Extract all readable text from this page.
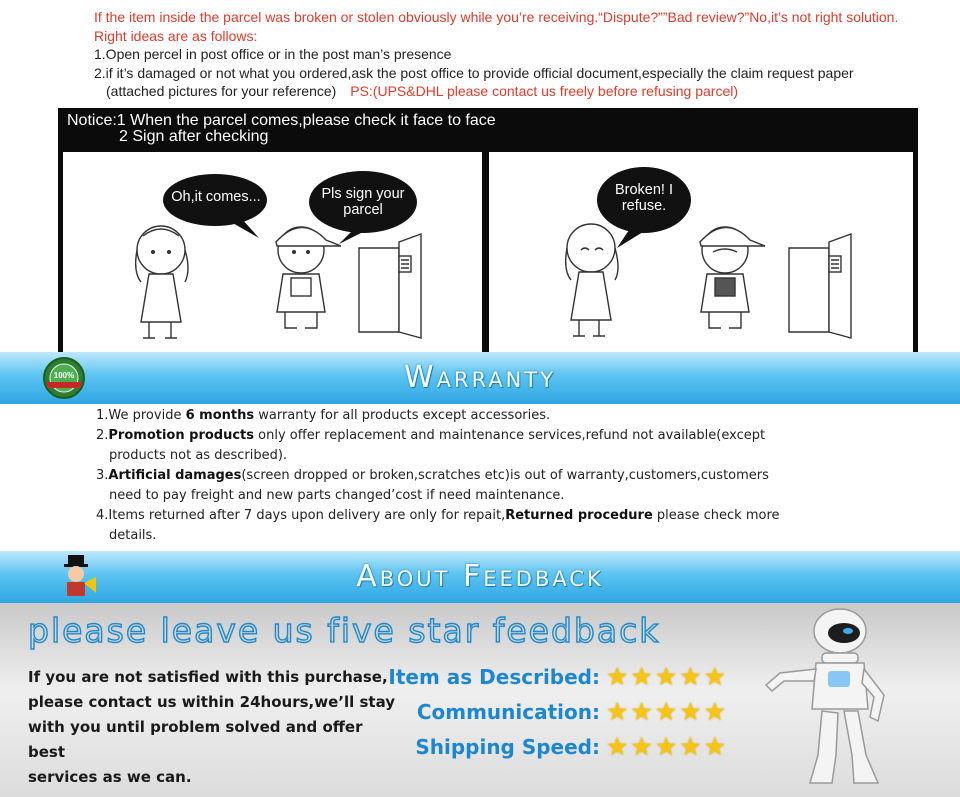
If the item inside the parcel was broken or stolen obviously while you’re receiving.“Dispute?””Bad review?”No,it’s not right solution.
Right ideas are as follows:
1.Open percel in post office or in the post man’s presence
2.if it’s damaged or not what you ordered,ask the post office to provide official document,especially the claim request paper
(attached pictures for your reference) PS:(UPS&DHL please contact us freely before refusing parcel)
Notice:1 When the parcel comes,please check it face to face
2 Sign after checking
Oh,it comes...	Pls sign your parcel
Broken! I refuse.
100%	Warranty
1.We provide 6 months warranty for all products except accessories.
2.Promotion products only offer replacement and maintenance services,refund not available(except
products not as described).
3.Artificial damages(screen dropped or broken,scratches etc)is out of warranty,customers,customers
need to pay freight and new parts changed’cost if need maintenance.
4.Items returned after 7 days upon delivery are only for repait,Returned procedure please check more
details.
About Feedback
please leave us five star feedback
If you are not satisfied with this purchase,
please contact us within 24hours,we’ll stay
with you until problem solved and offer best
services as we can.
Item as Described: ★★★★★
Communication: ★★★★★
Shipping Speed: ★★★★★
